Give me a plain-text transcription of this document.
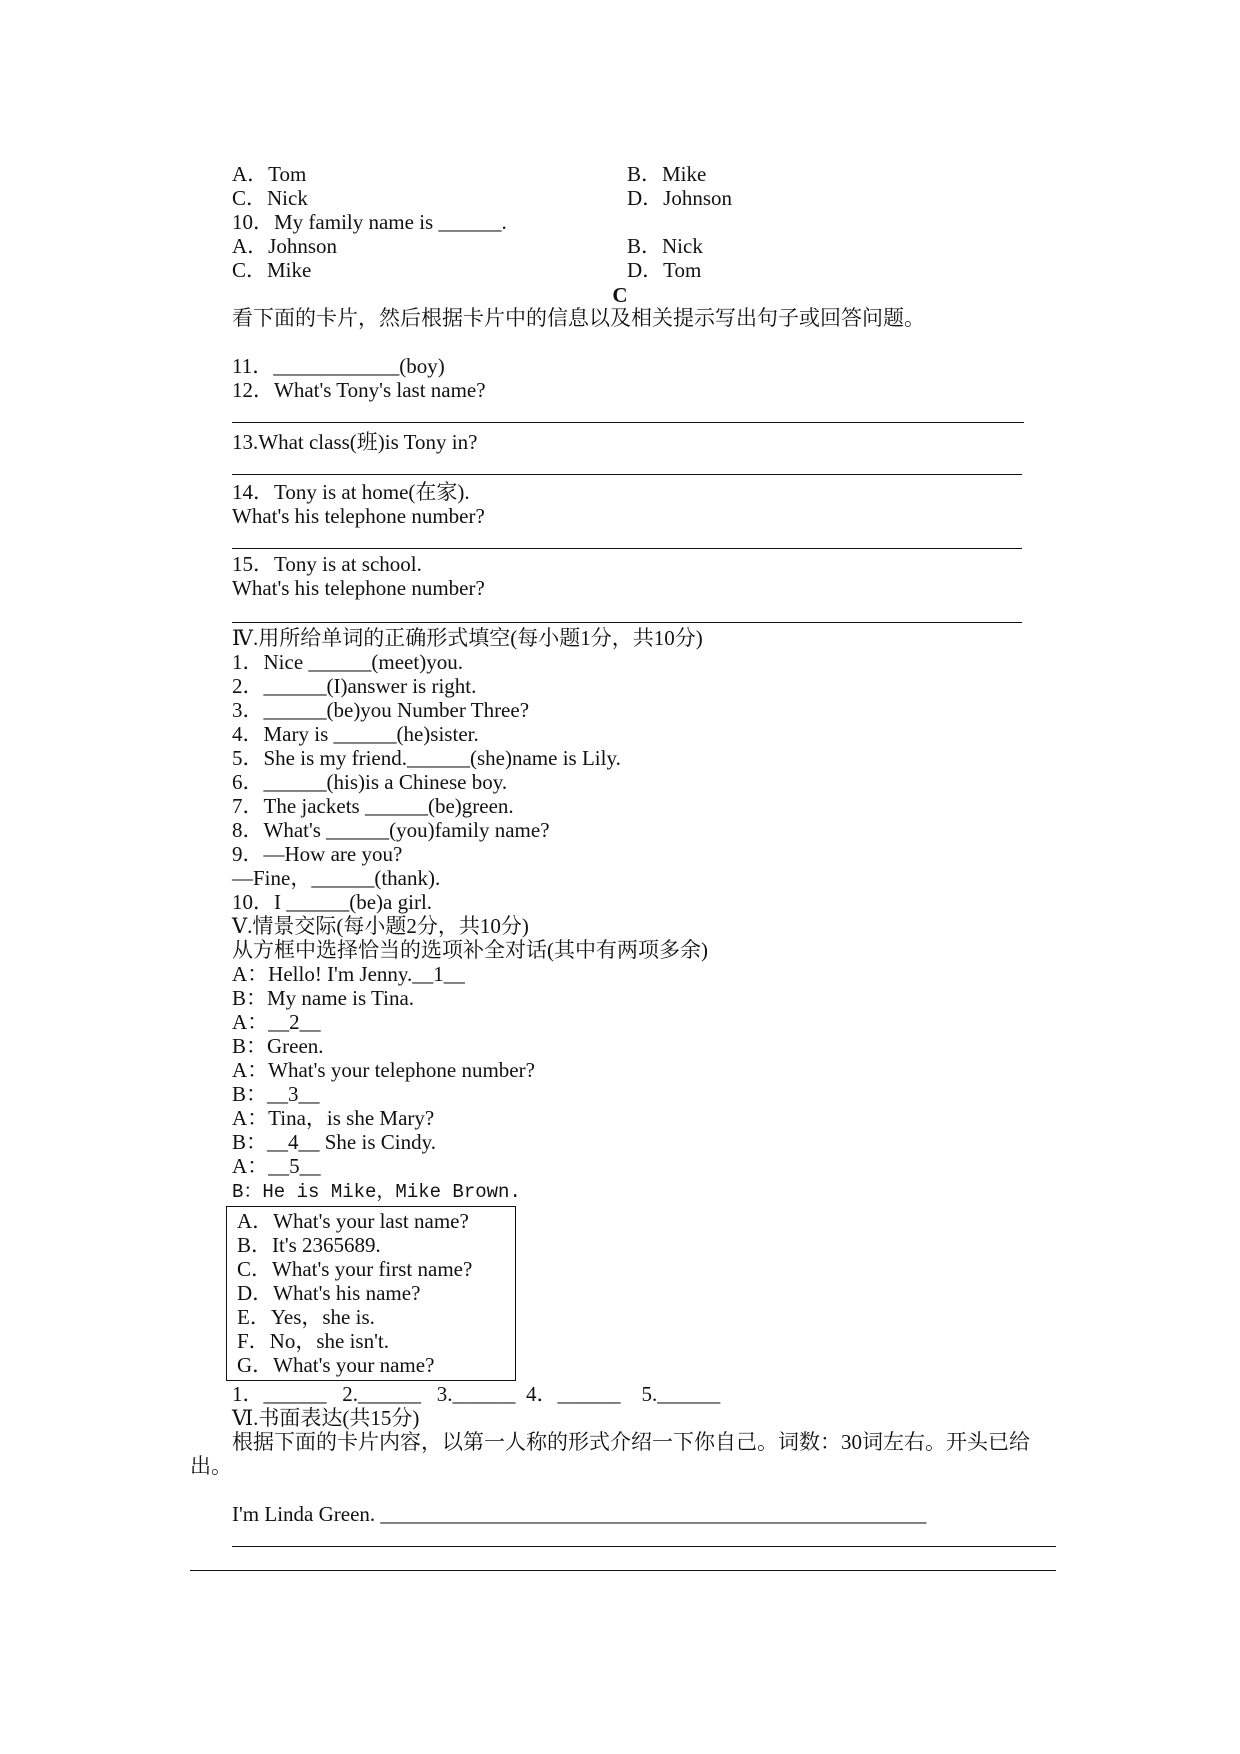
A．Tom	B．Mike
C．Nick	D．Johnson
10．My family name is ______.
A．Johnson	B．Nick
C．Mike	D．Tom
C
看下面的卡片，然后根据卡片中的信息以及相关提示写出句子或回答问题。
11．____________(boy)
12．What's Tony's last name?
13.What class(班)is Tony in?
14．Tony is at home(在家).
What's his telephone number?
15．Tony is at school.
What's his telephone number?
Ⅳ.用所给单词的正确形式填空(每小题1分，共10分)
1．Nice ______(meet)you.
2．______(I)answer is right.
3．______(be)you Number Three?
4．Mary is ______(he)sister.
5．She is my friend.______(she)name is Lily.
6．______(his)is a Chinese boy.
7．The jackets ______(be)green.
8．What's ______(you)family name?
9．—How are you?
—Fine，______(thank).
10．I ______(be)a girl.
Ⅴ.情景交际(每小题2分，共10分)
从方框中选择恰当的选项补全对话(其中有两项多余)
A：Hello! I'm Jenny.__1__
B：My name is Tina.
A：__2__
B：Green.
A：What's your telephone number?
B：__3__
A：Tina，is she Mary?
B：__4__ She is Cindy.
A：__5__
B：He is Mike，Mike Brown.
A．What's your last name?
B．It's 2365689.
C．What's your first name?
D．What's his name?
E．Yes，she is.
F．No，she isn't.
G．What's your name?
1．______   2.______   3.______  4．______    5.______
Ⅵ.书面表达(共15分)
根据下面的卡片内容，以第一人称的形式介绍一下你自己。词数：30词左右。开头已给
出。
I'm Linda Green. ____________________________________________________
